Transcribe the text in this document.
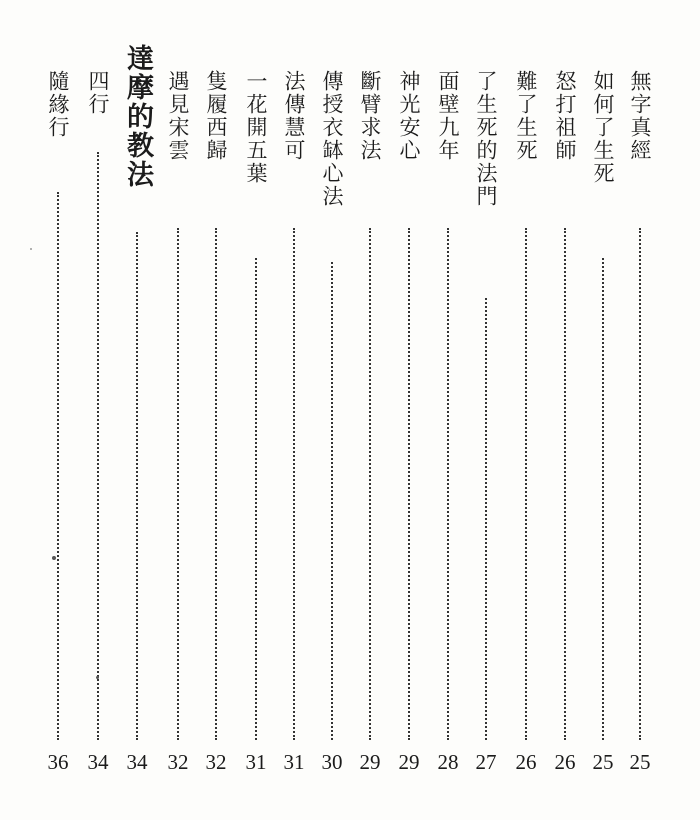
無字真經
25
如何了生死
25
怒打祖師
26
難了生死
26
了生死的法門
27
面壁九年
28
神光安心
29
斷臂求法
29
傳授衣缽心法
30
法傳慧可
31
一花開五葉
31
隻履西歸
32
遇見宋雲
32
達摩的教法
34
四行
34
隨緣行
36
